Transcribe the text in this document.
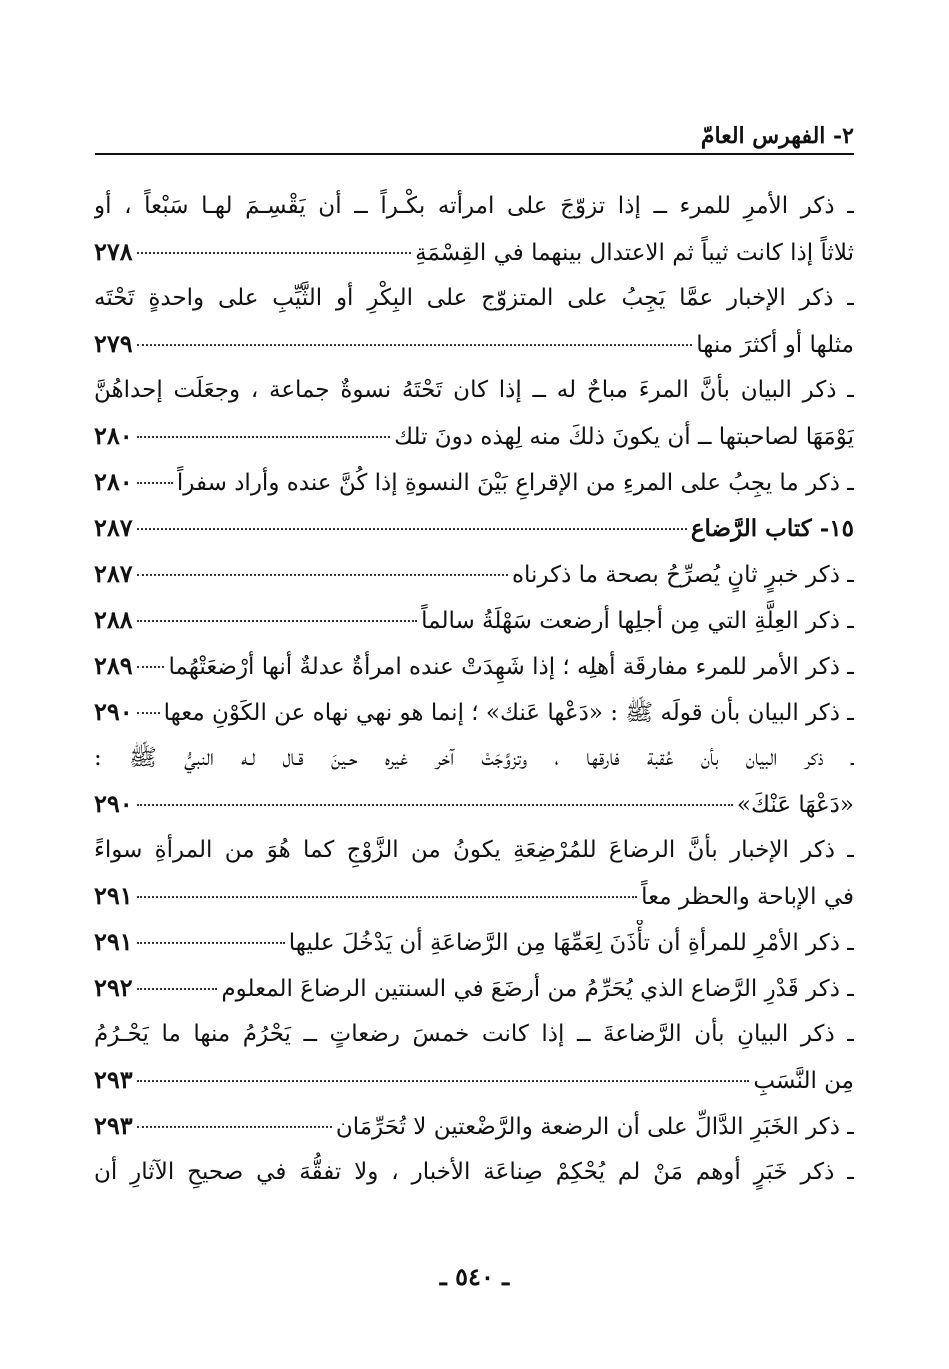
٢- الفهرس العامّ
ـ ذكر الأمرِ للمرء ــ إذا تزوّجَ على امرأته بكْـراً ــ أن يَقْسِـمَ لهـا سَبْعاً ، أو
ثلاثاً إذا كانت ثيباً ثم الاعتدال بينهما في القِسْمَةِ
٢٧٨
ـ ذكر الإخبار عمَّا يَجِبُ على المتزوّج على البِكْرِ أو الثَّيِّبِ على واحدةٍ تَحْتَه
مثلها أو أكثرَ منها
٢٧٩
ـ ذكر البيان بأنَّ المرءَ مباحٌ له ــ إذا كان تَحْتَهُ نسوةٌ جماعة ، وجعَلَت إحداهُنَّ
يَوْمَهَا لصاحبتها ــ أن يكونَ ذلكَ منه لِهذه دونَ تلك
٢٨٠
ـ ذكر ما يجِبُ على المرءِ من الإقراعِ بَيْنَ النسوةِ إذا كُنَّ عنده وأراد سفراً
٢٨٠
١٥- كتاب الرَّضاع
٢٨٧
ـ ذكر خبرٍ ثانٍ يُصرِّحُ بصحة ما ذكرناه
٢٨٧
ـ ذكر العِلَّةِ التي مِن أجلِها أرضعت سَهْلَةُ سالماً
٢٨٨
ـ ذكر الأمر للمرء مفارقَة أهلِه ؛ إذا شَهِدَتْ عنده امرأةٌ عدلةٌ أنها أرْضعَتْهُما
٢٨٩
ـ ذكر البيان بأن قولَه ﷺ : «دَعْها عَنك» ؛ إنما هو نهي نهاه عن الكَوْنِ معها
٢٩٠
ـ ذكر البيان بأن عُقبة فارقها ، وتزوَّجَتْ آخر غيره حـينَ قـال لـه النبيُّ ﷺ :
«دَعْهَا عَنْكَ»
٢٩٠
ـ ذكر الإخبار بأنَّ الرضاعَ للمُرْضِعَةِ يكونُ من الزَّوْجِ كما هُوَ من المرأةِ سواءً
في الإباحة والحظر معاً
٢٩١
ـ ذكر الأمْرِ للمرأةِ أن تأْذَنَ لِعَمِّهَا مِن الرَّضاعَةِ أن يَدْخُلَ عليها
٢٩١
ـ ذكر قَدْرِ الرَّضاع الذي يُحَرِّمُ من أرضَعَ في السنتين الرضاعَ المعلوم
٢٩٢
ـ ذكر البيانِ بأن الرَّضاعةَ ــ إذا كانت خمسَ رضعاتٍ ــ يَحْرُمُ منها ما يَحْـرُمُ
مِن النَّسَبِ
٢٩٣
ـ ذكر الخَبَرِ الدَّالِّ على أن الرضعة والرَّضْعتين لا تُحَرِّمَان
٢٩٣
ـ ذكر خَبَرٍ أوهم مَنْ لم يُحْكِمْ صِناعَة الأخبار ، ولا تفقُّهَ في صحيحِ الآثارِ أن
ـ ٥٤٠ ـ
